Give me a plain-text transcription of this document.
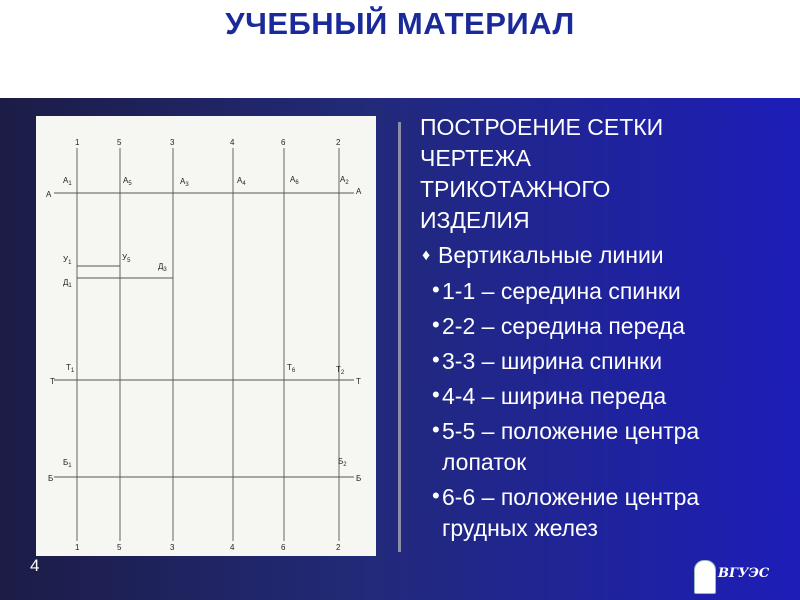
УЧЕБНЫЙ МАТЕРИАЛ
1	5	3	4	6	2
1	5	3	4	6	2
А	А
Т	Т
Б	Б
$А_1$	$А_5$	$А_3$	$А_4$	$А_6$	$А_2$
$У_1$
$У_5$
$Д_3$
$Д_1$
$Т_1$	$Т_6$	$Т_2$
$Б_1$	$Б_2$
ПОСТРОЕНИЕ СЕТКИ
ЧЕРТЕЖА
ТРИКОТАЖНОГО
ИЗДЕЛИЯ
♦ Вертикальные линии
• 1-1 – середина спинки
• 2-2 – середина переда
• 3-3 – ширина спинки
• 4-4 – ширина переда
• 5-5 – положение центра
лопаток
• 6-6 – положение центра
грудных желез
4	ВГУЭС
